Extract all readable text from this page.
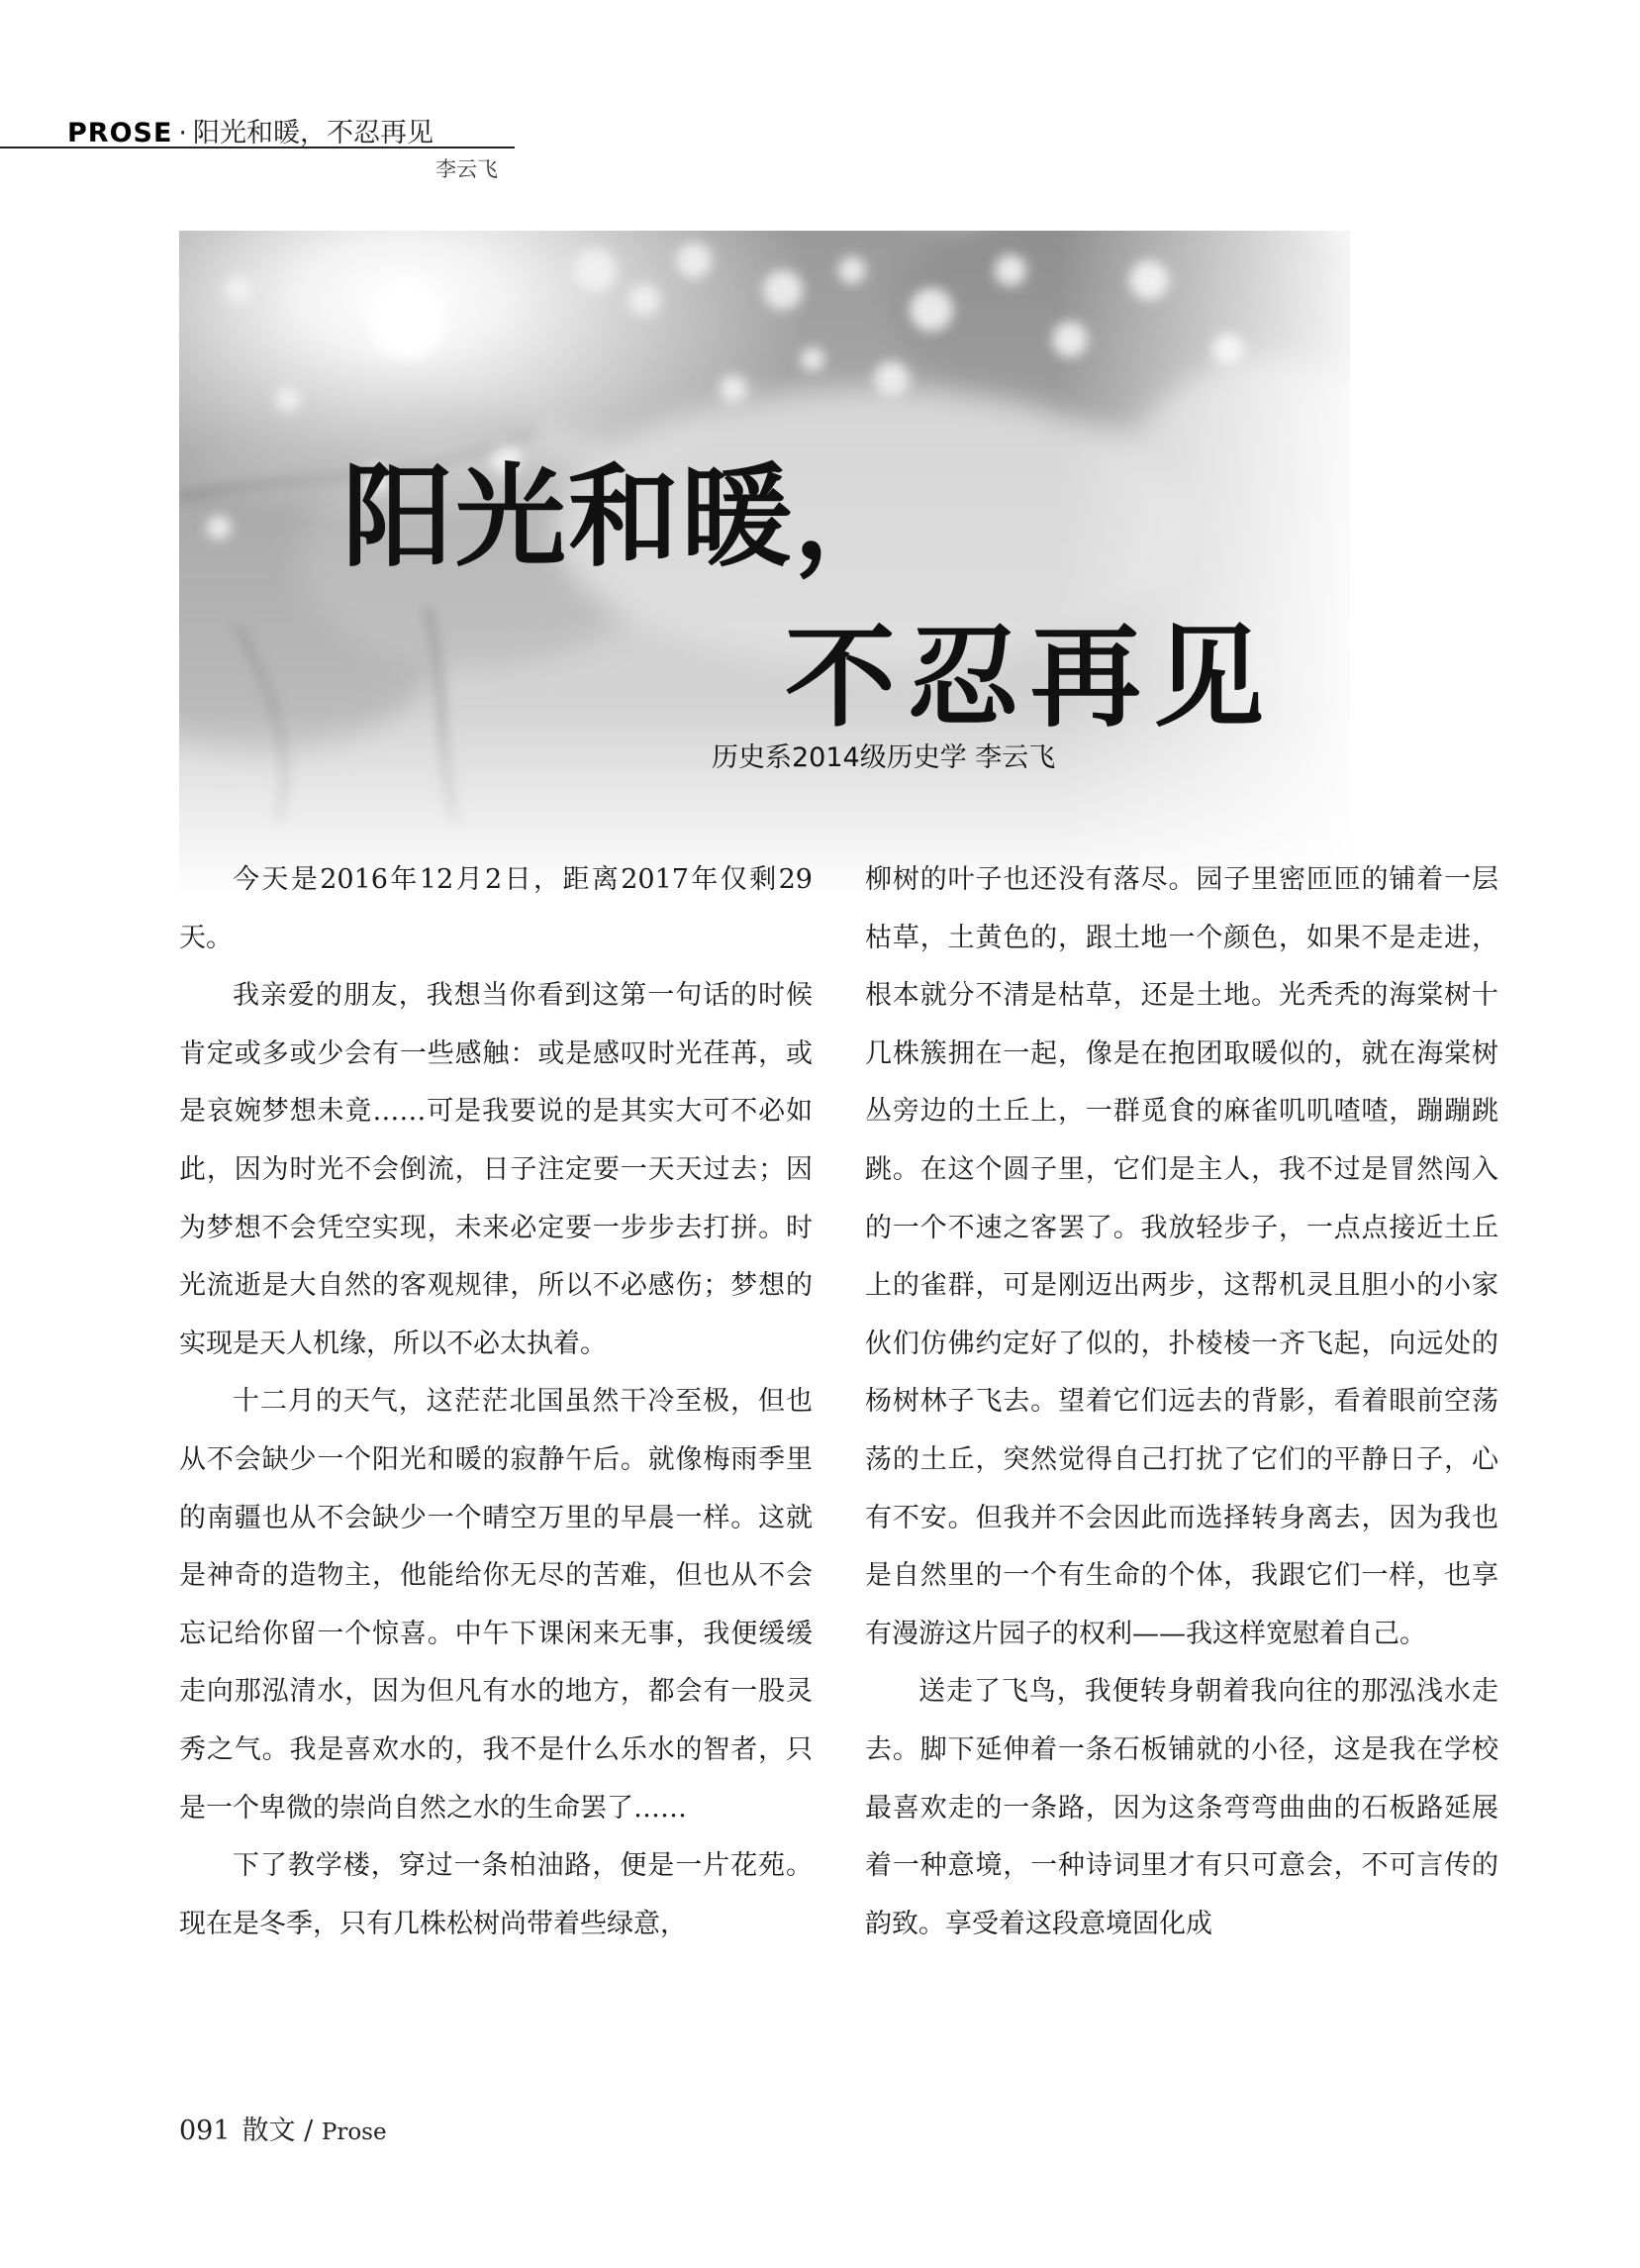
PROSE · 阳光和暖，不忍再见
李云飞
阳光和暖，
不忍再见
历史系2014级历史学 李云飞

今天是2016年12月2日，距离2017年仅剩29天。

我亲爱的朋友，我想当你看到这第一句话的时候肯定或多或少会有一些感触：或是感叹时光荏苒，或是哀婉梦想未竟……可是我要说的是其实大可不必如此，因为时光不会倒流，日子注定要一天天过去；因为梦想不会凭空实现，未来必定要一步步去打拼。时光流逝是大自然的客观规律，所以不必感伤；梦想的实现是天人机缘，所以不必太执着。

十二月的天气，这茫茫北国虽然干冷至极，但也从不会缺少一个阳光和暖的寂静午后。就像梅雨季里的南疆也从不会缺少一个晴空万里的早晨一样。这就是神奇的造物主，他能给你无尽的苦难，但也从不会忘记给你留一个惊喜。中午下课闲来无事，我便缓缓走向那泓清水，因为但凡有水的地方，都会有一股灵秀之气。我是喜欢水的，我不是什么乐水的智者，只是一个卑微的崇尚自然之水的生命罢了……

下了教学楼，穿过一条柏油路，便是一片花苑。现在是冬季，只有几株松树尚带着些绿意，

柳树的叶子也还没有落尽。园子里密匝匝的铺着一层枯草，土黄色的，跟土地一个颜色，如果不是走进，根本就分不清是枯草，还是土地。光秃秃的海棠树十几株簇拥在一起，像是在抱团取暖似的，就在海棠树丛旁边的土丘上，一群觅食的麻雀叽叽喳喳，蹦蹦跳跳。在这个圆子里，它们是主人，我不过是冒然闯入的一个不速之客罢了。我放轻步子，一点点接近土丘上的雀群，可是刚迈出两步，这帮机灵且胆小的小家伙们仿佛约定好了似的，扑棱棱一齐飞起，向远处的杨树林子飞去。望着它们远去的背影，看着眼前空荡荡的土丘，突然觉得自己打扰了它们的平静日子，心有不安。但我并不会因此而选择转身离去，因为我也是自然里的一个有生命的个体，我跟它们一样，也享有漫游这片园子的权利——我这样宽慰着自己。

送走了飞鸟，我便转身朝着我向往的那泓浅水走去。脚下延伸着一条石板铺就的小径，这是我在学校最喜欢走的一条路，因为这条弯弯曲曲的石板路延展着一种意境，一种诗词里才有只可意会，不可言传的韵致。享受着这段意境固化成

091 散文 / Prose
